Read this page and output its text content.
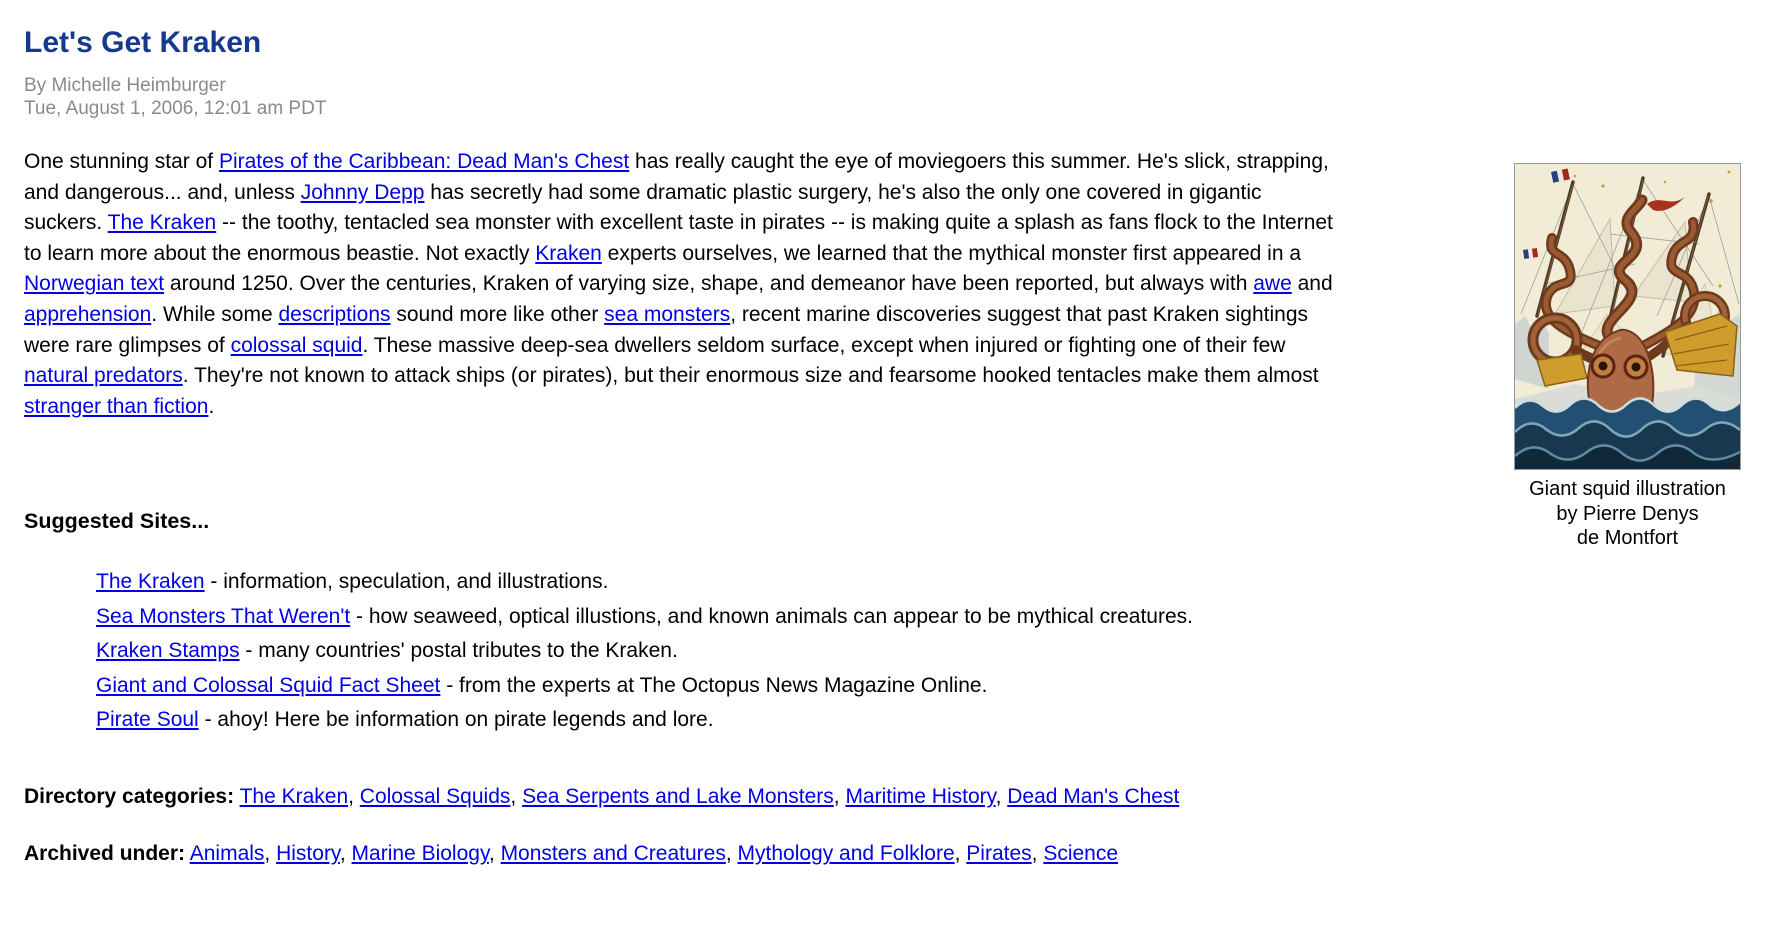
Let's Get Kraken
By Michelle Heimburger
Tue, August 1, 2006, 12:01 am PDT

One stunning star of Pirates of the Caribbean: Dead Man's Chest has really caught the eye of moviegoers this summer. He's slick, strapping, and dangerous... and, unless Johnny Depp has secretly had some dramatic plastic surgery, he's also the only one covered in gigantic suckers. The Kraken -- the toothy, tentacled sea monster with excellent taste in pirates -- is making quite a splash as fans flock to the Internet to learn more about the enormous beastie. Not exactly Kraken experts ourselves, we learned that the mythical monster first appeared in a Norwegian text around 1250. Over the centuries, Kraken of varying size, shape, and demeanor have been reported, but always with awe and apprehension. While some descriptions sound more like other sea monsters, recent marine discoveries suggest that past Kraken sightings were rare glimpses of colossal squid. These massive deep-sea dwellers seldom surface, except when injured or fighting one of their few natural predators. They're not known to attack ships (or pirates), but their enormous size and fearsome hooked tentacles make them almost stranger than fiction.

Giant squid illustration
by Pierre Denys
de Montfort
Suggested Sites...
The Kraken - information, speculation, and illustrations.
Sea Monsters That Weren't - how seaweed, optical illustions, and known animals can appear to be mythical creatures.
Kraken Stamps - many countries' postal tributes to the Kraken.
Giant and Colossal Squid Fact Sheet - from the experts at The Octopus News Magazine Online.
Pirate Soul - ahoy! Here be information on pirate legends and lore.
Directory categories: The Kraken, Colossal Squids, Sea Serpents and Lake Monsters, Maritime History, Dead Man's Chest
Archived under: Animals, History, Marine Biology, Monsters and Creatures, Mythology and Folklore, Pirates, Science
